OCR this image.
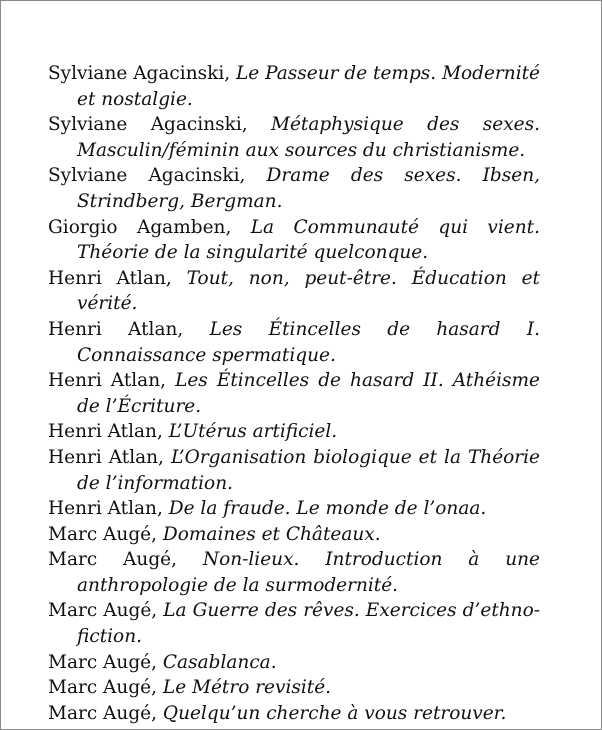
Sylviane Agacinski, Le Passeur de temps. Modernité et nostalgie.

Sylviane Agacinski, Métaphysique des sexes. Masculin/​féminin aux sources du christianisme.

Sylviane Agacinski, Drame des sexes. Ibsen, Strindberg, Bergman.

Giorgio Agamben, La Communauté qui vient. Théorie de la singularité quelconque.

Henri Atlan, Tout, non, peut-être. Éducation et vérité.

Henri Atlan, Les Étincelles de hasard I. Connaissance spermatique.

Henri Atlan, Les Étincelles de hasard II. Athéisme de l’Écriture.

Henri Atlan, L’Utérus artificiel.

Henri Atlan, L’Organisation biologique et la Théorie de l’information.

Henri Atlan, De la fraude. Le monde de l’onaa.

Marc Augé, Domaines et Châteaux.

Marc Augé, Non-lieux. Introduction à une anthropologie de la surmodernité.

Marc Augé, La Guerre des rêves. Exercices d’ethnofiction.

Marc Augé, Casablanca.

Marc Augé, Le Métro revisité.

Marc Augé, Quelqu’un cherche à vous retrouver.
